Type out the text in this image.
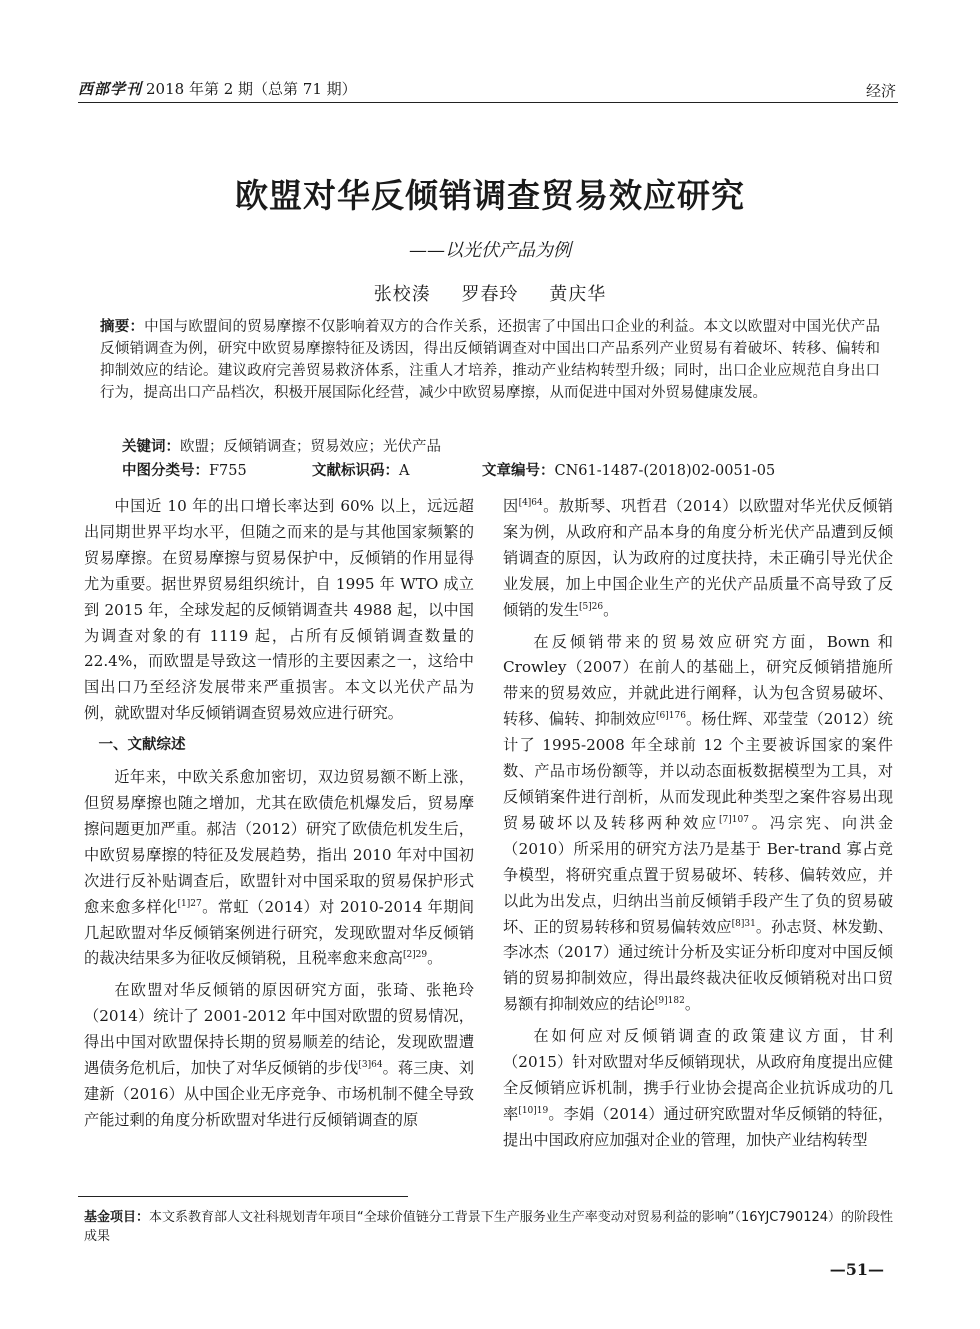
西部学刊 2018 年第 2 期（总第 71 期）	经济
欧盟对华反倾销调查贸易效应研究
——以光伏产品为例
张校湊 罗春玲 黄庆华
摘要：中国与欧盟间的贸易摩擦不仅影响着双方的合作关系，还损害了中国出口企业的利益。本文以欧盟对中国光伏产品反倾销调查为例，研究中欧贸易摩擦特征及诱因，得出反倾销调查对中国出口产品系列产业贸易有着破坏、转移、偏转和抑制效应的结论。建议政府完善贸易救济体系，注重人才培养，推动产业结构转型升级；同时，出口企业应规范自身出口行为，提高出口产品档次，积极开展国际化经营，减少中欧贸易摩擦，从而促进中国对外贸易健康发展。
关键词：欧盟；反倾销调查；贸易效应；光伏产品
中图分类号：F755	文献标识码：A	文章编号：CN61-1487-(2018)02-0051-05

中国近 10 年的出口增长率达到 60% 以上，远远超出同期世界平均水平，但随之而来的是与其他国家频繁的贸易摩擦。在贸易摩擦与贸易保护中，反倾销的作用显得尤为重要。据世界贸易组织统计，自 1995 年 WTO 成立到 2015 年，全球发起的反倾销调查共 4988 起，以中国为调查对象的有 1119 起，占所有反倾销调查数量的 22.4%，而欧盟是导致这一情形的主要因素之一，这给中国出口乃至经济发展带来严重损害。本文以光伏产品为例，就欧盟对华反倾销调查贸易效应进行研究。

一、文献综述

近年来，中欧关系愈加密切，双边贸易额不断上涨，但贸易摩擦也随之增加，尤其在欧债危机爆发后，贸易摩擦问题更加严重。郝洁（2012）研究了欧债危机发生后，中欧贸易摩擦的特征及发展趋势，指出 2010 年对中国初次进行反补贴调查后，欧盟针对中国采取的贸易保护形式愈来愈多样化$^{[1]27}$。常虹（2014）对 2010-2014 年期间几起欧盟对华反倾销案例进行研究，发现欧盟对华反倾销的裁决结果多为征收反倾销税，且税率愈来愈高$^{[2]29}$。

在欧盟对华反倾销的原因研究方面，张琦、张艳玲（2014）统计了 2001-2012 年中国对欧盟的贸易情况，得出中国对欧盟保持长期的贸易顺差的结论，发现欧盟遭遇债务危机后，加快了对华反倾销的步伐$^{[3]64}$。蒋三庚、刘建新（2016）从中国企业无序竞争、市场机制不健全导致产能过剩的角度分析欧盟对华进行反倾销调查的原

因$^{[4]64}$。敖斯琴、巩哲君（2014）以欧盟对华光伏反倾销案为例，从政府和产品本身的角度分析光伏产品遭到反倾销调查的原因，认为政府的过度扶持，未正确引导光伏企业发展，加上中国企业生产的光伏产品质量不高导致了反倾销的发生$^{[5]26}$。

在反倾销带来的贸易效应研究方面，Bown 和 Crowley（2007）在前人的基础上，研究反倾销措施所带来的贸易效应，并就此进行阐释，认为包含贸易破坏、转移、偏转、抑制效应$^{[6]176}$。杨仕辉、邓莹莹（2012）统计了 1995-2008 年全球前 12 个主要被诉国家的案件数、产品市场份额等，并以动态面板数据模型为工具，对反倾销案件进行剖析，从而发现此种类型之案件容易出现贸易破坏以及转移两种效应$^{[7]107}$。冯宗宪、向洪金（2010）所采用的研究方法乃是基于 Ber-trand 寡占竞争模型，将研究重点置于贸易破坏、转移、偏转效应，并以此为出发点，归纳出当前反倾销手段产生了负的贸易破坏、正的贸易转移和贸易偏转效应$^{[8]31}$。孙志贤、林发勤、李冰杰（2017）通过统计分析及实证分析印度对中国反倾销的贸易抑制效应，得出最终裁决征收反倾销税对出口贸易额有抑制效应的结论$^{[9]182}$。

在如何应对反倾销调查的政策建议方面，甘利（2015）针对欧盟对华反倾销现状，从政府角度提出应健全反倾销应诉机制，携手行业协会提高企业抗诉成功的几率$^{[10]19}$。李娟（2014）通过研究欧盟对华反倾销的特征，提出中国政府应加强对企业的管理，加快产业结构转型

基金项目：本文系教育部人文社科规划青年项目“全球价值链分工背景下生产服务业生产率变动对贸易利益的影响”（16YJC790124）的阶段性成果
—51—
